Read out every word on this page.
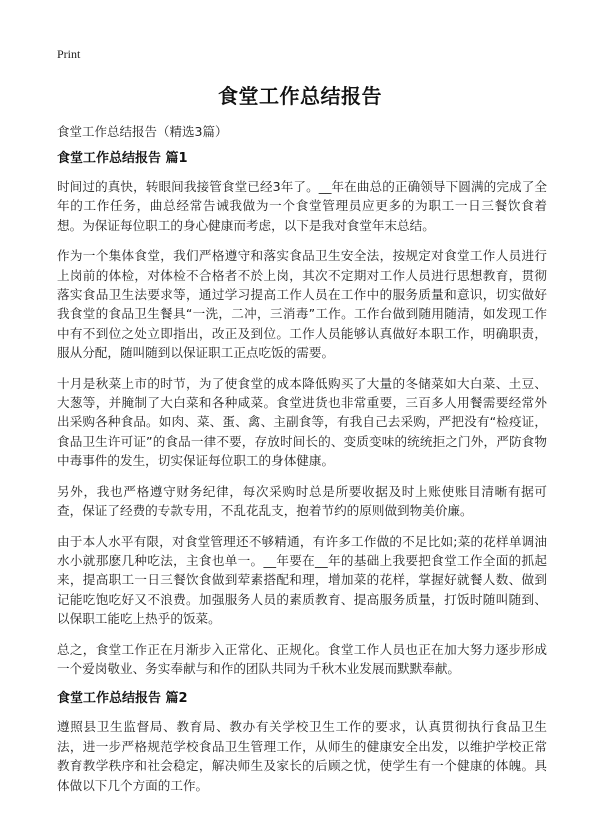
Print
食堂工作总结报告
食堂工作总结报告（精选3篇）
食堂工作总结报告 篇1

时间过的真快，转眼间我接管食堂已经3年了。__年在曲总的正确领导下圆满的完成了全年的工作任务，曲总经常告诫我做为一个食堂管理员应更多的为职工一日三餐饮食着想。为保证每位职工的身心健康而考虑，以下是我对食堂年末总结。

作为一个集体食堂，我们严格遵守和落实食品卫生安全法，按规定对食堂工作人员进行上岗前的体检，对体检不合格者不於上岗，其次不定期对工作人员进行思想教育，贯彻落实食品卫生法要求等，通过学习提高工作人员在工作中的服务质量和意识，切实做好我食堂的食品卫生餐具“一洗，二冲，三消毒”工作。工作台做到随用随清，如发现工作中有不到位之处立即指出，改正及到位。工作人员能够认真做好本职工作，明确职责，服从分配，随叫随到以保证职工正点吃饭的需要。

十月是秋菜上市的时节，为了使食堂的成本降低购买了大量的冬储菜如大白菜、土豆、大葱等，并腌制了大白菜和各种咸菜。食堂进货也非常重要，三百多人用餐需要经常外出采购各种食品。如肉、菜、蛋、禽、主副食等，有我自己去采购，严把没有“检疫证，食品卫生许可证”的食品一律不要，存放时间长的、变质变味的统统拒之门外，严防食物中毒事件的发生，切实保证每位职工的身体健康。

另外，我也严格遵守财务纪律，每次采购时总是所要收据及时上账使账目清晰有据可查，保证了经费的专款专用，不乱花乱支，抱着节约的原则做到物美价廉。

由于本人水平有限，对食堂管理还不够精通，有许多工作做的不足比如;菜的花样单调油水小就那麽几种吃法，主食也单一。__年要在__年的基础上我要把食堂工作全面的抓起来，提高职工一日三餐饮食做到荤素搭配和理，增加菜的花样，掌握好就餐人数、做到记能吃饱吃好又不浪费。加强服务人员的素质教育、提高服务质量，打饭时随叫随到、以保职工能吃上热乎的饭菜。

总之，食堂工作正在月渐步入正常化、正规化。食堂工作人员也正在加大努力逐步形成一个爱岗敬业、务实奉献与和作的团队共同为千秋木业发展而默默奉献。

食堂工作总结报告 篇2

遵照县卫生监督局、教育局、教办有关学校卫生工作的要求，认真贯彻执行食品卫生法，进一步严格规范学校食品卫生管理工作，从师生的健康安全出发，以维护学校正常教育教学秩序和社会稳定，解决师生及家长的后顾之忧，使学生有一个健康的体魄。具体做以下几个方面的工作。
